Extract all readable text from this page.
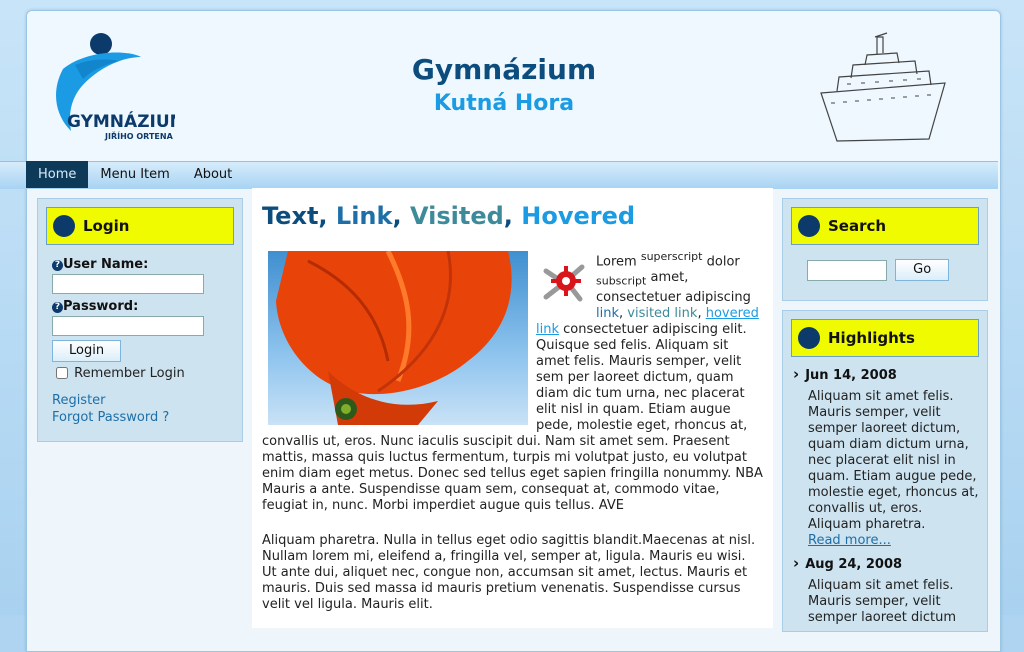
GYMNÁZIUM
JIŘÍHO ORTENA
Gymnázium
Kutná Hora
Home	Menu Item	About
Login
? User Name:
? Password:
Login
Remember Login
Register
Forgot Password ?
Text, Link, Visited, Hovered
Lorem $^{superscript}$ dolor $_{subscript}$ amet, consectetuer adipiscing link, visited link, hovered link consectetuer adipiscing elit. Quisque sed felis. Aliquam sit amet felis. Mauris semper, velit sem per laoreet dictum, quam diam dic tum urna, nec placerat elit nisl in quam. Etiam augue pede, molestie eget, rhoncus at, convallis ut, eros. Nunc iaculis suscipit dui. Nam sit amet sem. Praesent mattis, massa quis luctus fermentum, turpis mi volutpat justo, eu volutpat enim diam eget metus. Donec sed tellus eget sapien fringilla nonummy. NBA Mauris a ante. Suspendisse quam sem, consequat at, commodo vitae, feugiat in, nunc. Morbi imperdiet augue quis tellus. AVE
Aliquam pharetra. Nulla in tellus eget odio sagittis blandit.Maecenas at nisl. Nullam lorem mi, eleifend a, fringilla vel, semper at, ligula. Mauris eu wisi. Ut ante dui, aliquet nec, congue non, accumsan sit amet, lectus. Mauris et mauris. Duis sed massa id mauris pretium venenatis. Suspendisse cursus velit vel ligula. Mauris elit.
Search
Go
Highlights
› Jun 14, 2008
Aliquam sit amet felis. Mauris semper, velit semper laoreet dictum, quam diam dictum urna, nec placerat elit nisl in quam. Etiam augue pede, molestie eget, rhoncus at, convallis ut, eros. Aliquam pharetra.
Read more...
› Aug 24, 2008
Aliquam sit amet felis. Mauris semper, velit semper laoreet dictum
